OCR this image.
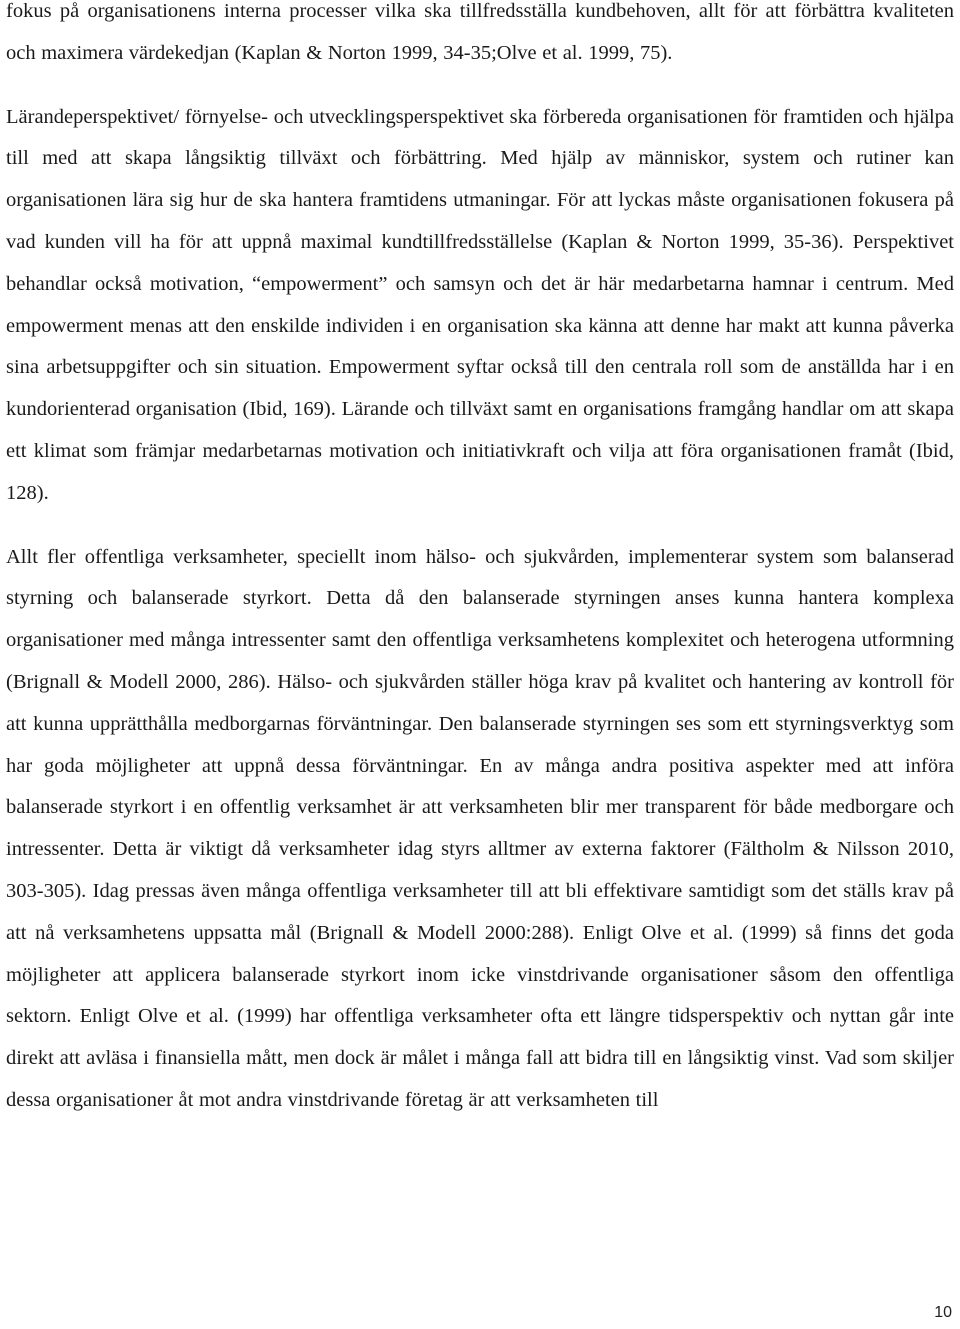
fokus på organisationens interna processer vilka ska tillfredsställa kundbehoven, allt för att förbättra kvaliteten och maximera värdekedjan (Kaplan & Norton 1999, 34-35;Olve et al. 1999, 75).

Lärandeperspektivet/ förnyelse- och utvecklingsperspektivet ska förbereda organisationen för framtiden och hjälpa till med att skapa långsiktig tillväxt och förbättring. Med hjälp av människor, system och rutiner kan organisationen lära sig hur de ska hantera framtidens utmaningar. För att lyckas måste organisationen fokusera på vad kunden vill ha för att uppnå maximal kundtillfredsställelse (Kaplan & Norton 1999, 35-36). Perspektivet behandlar också motivation, “empowerment” och samsyn och det är här medarbetarna hamnar i centrum. Med empowerment menas att den enskilde individen i en organisation ska känna att denne har makt att kunna påverka sina arbetsuppgifter och sin situation. Empowerment syftar också till den centrala roll som de anställda har i en kundorienterad organisation (Ibid, 169). Lärande och tillväxt samt en organisations framgång handlar om att skapa ett klimat som främjar medarbetarnas motivation och initiativkraft och vilja att föra organisationen framåt (Ibid, 128).

Allt fler offentliga verksamheter, speciellt inom hälso- och sjukvården, implementerar system som balanserad styrning och balanserade styrkort. Detta då den balanserade styrningen anses kunna hantera komplexa organisationer med många intressenter samt den offentliga verksamhetens komplexitet och heterogena utformning (Brignall & Modell 2000, 286). Hälso- och sjukvården ställer höga krav på kvalitet och hantering av kontroll för att kunna upprätthålla medborgarnas förväntningar. Den balanserade styrningen ses som ett styrningsverktyg som har goda möjligheter att uppnå dessa förväntningar. En av många andra positiva aspekter med att införa balanserade styrkort i en offentlig verksamhet är att verksamheten blir mer transparent för både medborgare och intressenter. Detta är viktigt då verksamheter idag styrs alltmer av externa faktorer (Fältholm & Nilsson 2010, 303-305). Idag pressas även många offentliga verksamheter till att bli effektivare samtidigt som det ställs krav på att nå verksamhetens uppsatta mål (Brignall & Modell 2000:288). Enligt Olve et al. (1999) så finns det goda möjligheter att applicera balanserade styrkort inom icke vinstdrivande organisationer såsom den offentliga sektorn. Enligt Olve et al. (1999) har offentliga verksamheter ofta ett längre tidsperspektiv och nyttan går inte direkt att avläsa i finansiella mått, men dock är målet i många fall att bidra till en långsiktig vinst. Vad som skiljer dessa organisationer åt mot andra vinstdrivande företag är att verksamheten till

10
